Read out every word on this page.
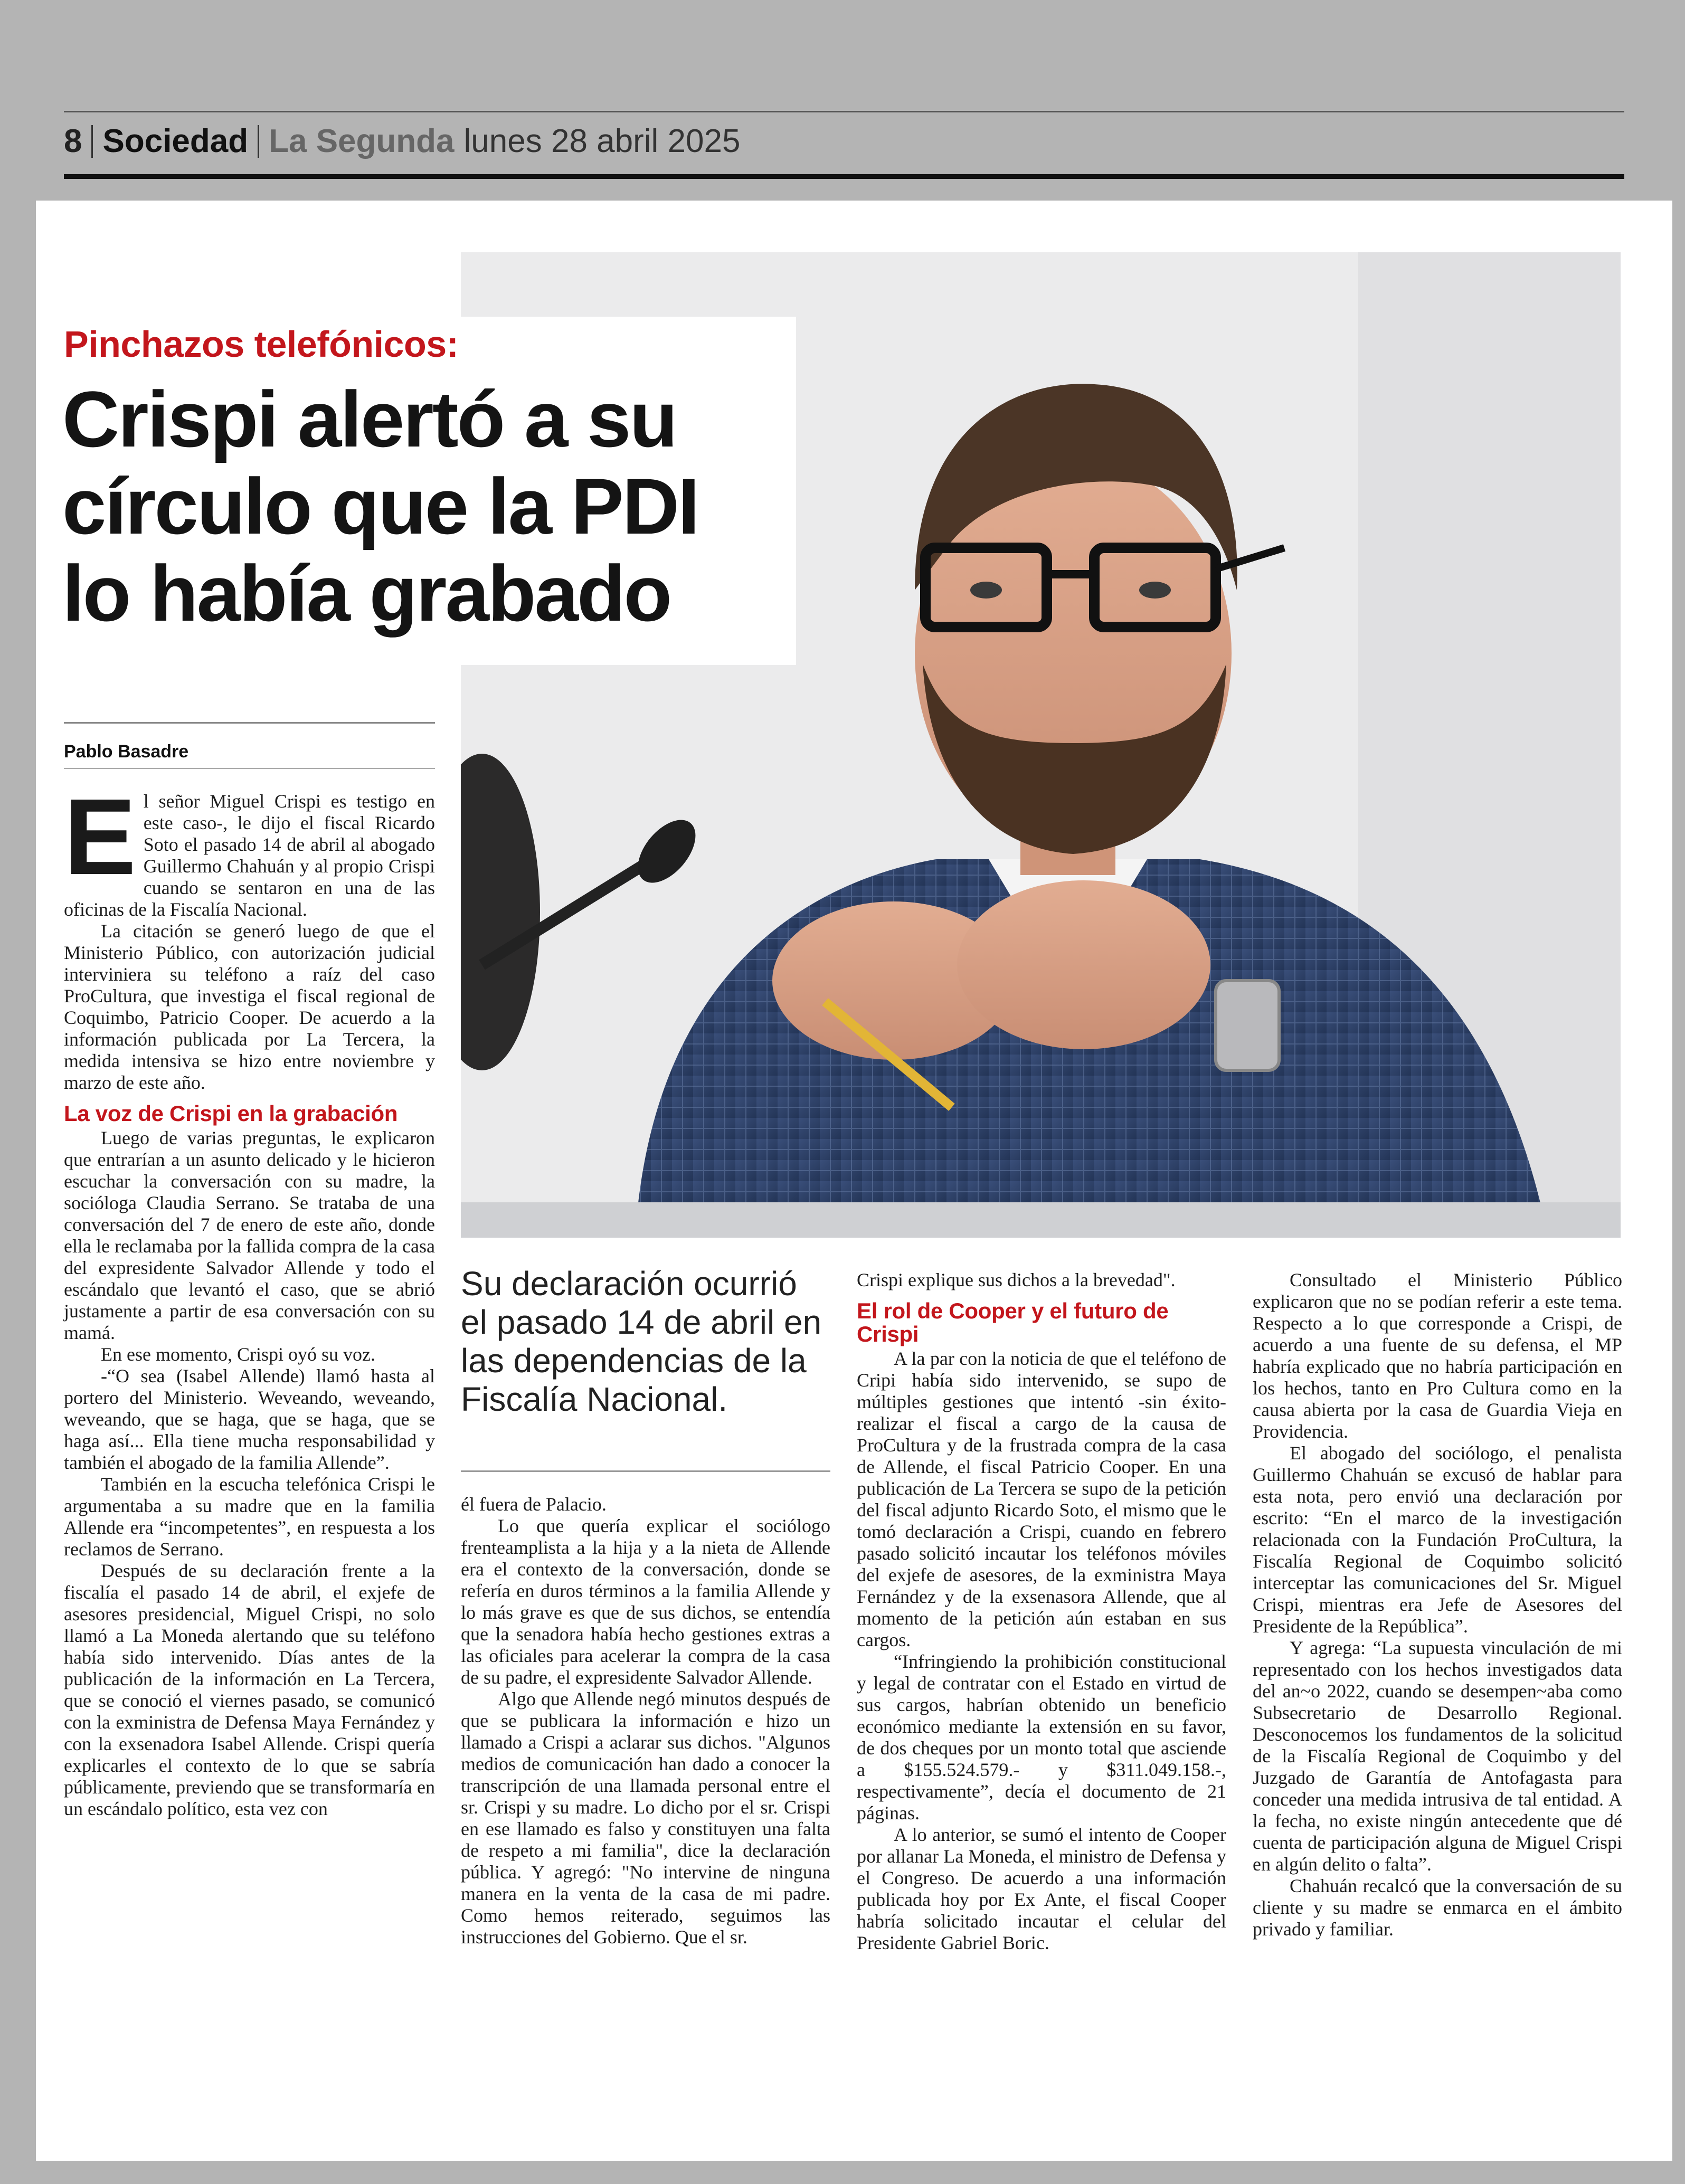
8 Sociedad La Segunda lunes 28 abril 2025
Pinchazos telefónicos:
Crispi alertó a su
círculo que la PDI
lo había grabado
Pablo Basadre

El señor Miguel Crispi es testigo en este caso-, le dijo el fiscal Ricardo Soto el pasado 14 de abril al abogado Guillermo Chahuán y al propio Crispi cuando se sentaron en una de las oficinas de la Fiscalía Nacional.

La citación se generó luego de que el Ministerio Público, con autorización judicial interviniera su teléfono a raíz del caso ProCultura, que investiga el fiscal regional de Coquimbo, Patricio Cooper. De acuerdo a la información publicada por La Tercera, la medida intensiva se hizo entre noviembre y marzo de este año.

La voz de Crispi en la grabación

Luego de varias preguntas, le explicaron que entrarían a un asunto delicado y le hicieron escuchar la conversación con su madre, la socióloga Claudia Serrano. Se trataba de una conversación del 7 de enero de este año, donde ella le reclamaba por la fallida compra de la casa del expresidente Salvador Allende y todo el escándalo que levantó el caso, que se abrió justamente a partir de esa conversación con su mamá.

En ese momento, Crispi oyó su voz.

-“O sea (Isabel Allende) llamó hasta al portero del Ministerio. Weveando, weveando, weveando, que se haga, que se haga, que se haga así... Ella tiene mucha responsabilidad y también el abogado de la familia Allende”.

También en la escucha telefónica Crispi le argumentaba a su madre que en la familia Allende era “incompetentes”, en respuesta a los reclamos de Serrano.

Después de su declaración frente a la fiscalía el pasado 14 de abril, el exjefe de asesores presidencial, Miguel Crispi, no solo llamó a La Moneda alertando que su teléfono había sido intervenido. Días antes de la publicación de la información en La Tercera, que se conoció el viernes pasado, se comunicó con la exministra de Defensa Maya Fernández y con la exsenadora Isabel Allende. Crispi quería explicarles el contexto de lo que se sabría públicamente, previendo que se transformaría en un escándalo político, esta vez con

Su declaración ocurrió el pasado 14 de abril en las dependencias de la Fiscalía Nacional.

él fuera de Palacio.

Lo que quería explicar el sociólogo frenteamplista a la hija y a la nieta de Allende era el contexto de la conversación, donde se refería en duros términos a la familia Allende y lo más grave es que de sus dichos, se entendía que la senadora había hecho gestiones extras a las oficiales para acelerar la compra de la casa de su padre, el expresidente Salvador Allende.

Algo que Allende negó minutos después de que se publicara la información e hizo un llamado a Crispi a aclarar sus dichos. "Algunos medios de comunicación han dado a conocer la transcripción de una llamada personal entre el sr. Crispi y su madre. Lo dicho por el sr. Crispi en ese llamado es falso y constituyen una falta de respeto a mi familia", dice la declaración pública. Y agregó: "No intervine de ninguna manera en la venta de la casa de mi padre. Como hemos reiterado, seguimos las instrucciones del Gobierno. Que el sr.

Crispi explique sus dichos a la brevedad".

El rol de Cooper y el futuro de Crispi

A la par con la noticia de que el teléfono de Cripi había sido intervenido, se supo de múltiples gestiones que intentó -sin éxito- realizar el fiscal a cargo de la causa de ProCultura y de la frustrada compra de la casa de Allende, el fiscal Patricio Cooper. En una publicación de La Tercera se supo de la petición del fiscal adjunto Ricardo Soto, el mismo que le tomó declaración a Crispi, cuando en febrero pasado solicitó incautar los teléfonos móviles del exjefe de asesores, de la exministra Maya Fernández y de la exsenasora Allende, que al momento de la petición aún estaban en sus cargos.

“Infringiendo la prohibición constitucional y legal de contratar con el Estado en virtud de sus cargos, habrían obtenido un beneficio económico mediante la extensión en su favor, de dos cheques por un monto total que asciende a $155.524.579.- y $311.049.158.-, respectivamente”, decía el documento de 21 páginas.

A lo anterior, se sumó el intento de Cooper por allanar La Moneda, el ministro de Defensa y el Congreso. De acuerdo a una información publicada hoy por Ex Ante, el fiscal Cooper habría solicitado incautar el celular del Presidente Gabriel Boric.

Consultado el Ministerio Público explicaron que no se podían referir a este tema. Respecto a lo que corresponde a Crispi, de acuerdo a una fuente de su defensa, el MP habría explicado que no habría participación en los hechos, tanto en Pro Cultura como en la causa abierta por la casa de Guardia Vieja en Providencia.

El abogado del sociólogo, el penalista Guillermo Chahuán se excusó de hablar para esta nota, pero envió una declaración por escrito: “En el marco de la investigación relacionada con la Fundación ProCultura, la Fiscalía Regional de Coquimbo solicitó interceptar las comunicaciones del Sr. Miguel Crispi, mientras era Jefe de Asesores del Presidente de la República”.

Y agrega: “La supuesta vinculación de mi representado con los hechos investigados data del an~o 2022, cuando se desempen~aba como Subsecretario de Desarrollo Regional. Desconocemos los fundamentos de la solicitud de la Fiscalía Regional de Coquimbo y del Juzgado de Garantía de Antofagasta para conceder una medida intrusiva de tal entidad. A la fecha, no existe ningún antecedente que dé cuenta de participación alguna de Miguel Crispi en algún delito o falta”.

Chahuán recalcó que la conversación de su cliente y su madre se enmarca en el ámbito privado y familiar.
